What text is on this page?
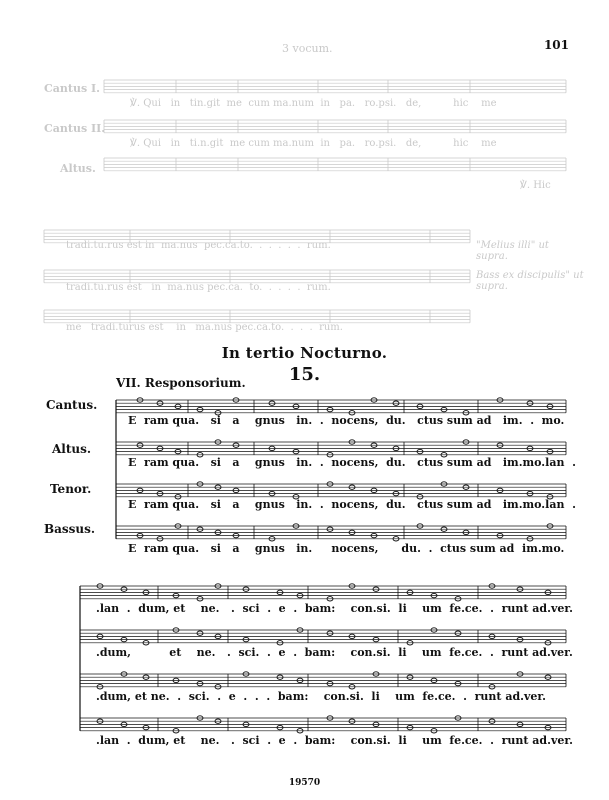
101
3 vocum.
Cantus I.
Cantus II.
Altus.
℣. Qui   in   tin.git  me  cum ma.num  in   pa.   ro.psi.   de,          hic    me
℣. Qui   in   ti.n.git  me cum ma.num  in   pa.   ro.psi.   de,          hic    me
℣. Hic
tradi.tu.rus est in  ma.nus  pec.ca.to.  .  .  .  .  .  rum.
tradi.tu.rus est   in  ma.nus pec.ca.  to.  .  .  .  .  rum.
me   tradi.turus est    in   ma.nus pec.ca.to.  .  .  .  rum.
"Melius illi" ut supra.
Bass ex discipulis" ut supra.
In tertio Nocturno.
15.
VII. Responsorium.
Cantus.
Altus.
Tenor.
Bassus.
E  ram qua.   si   a    gnus   in.  .  nocens,  du.   ctus sum ad   im.  .  mo.
E  ram qua.   si   a    gnus   in.  .  nocens,  du.   ctus sum ad   im.mo.lan  .
E  ram qua.   si   a    gnus   in.  .  nocens,  du.   ctus sum ad   im.mo.lan  .
E  ram qua.   si   a    gnus   in.     nocens,      du.  .  ctus sum ad  im.mo.
.lan  .  dum, et    ne.   .  sci  .  e  .  bam:    con.si.  li    um  fe.ce.  .  runt ad.ver.
.dum,          et    ne.   .  sci.  .  e  .  bam:    con.si.  li    um  fe.ce.  .  runt ad.ver.
.dum, et ne.  .  sci.  .  e  .  .  .  bam:    con.si.  li    um  fe.ce.  .  runt ad.ver.
.lan  .  dum, et    ne.   .  sci  .  e  .  bam:    con.si.  li    um  fe.ce.  .  runt ad.ver.
19570
